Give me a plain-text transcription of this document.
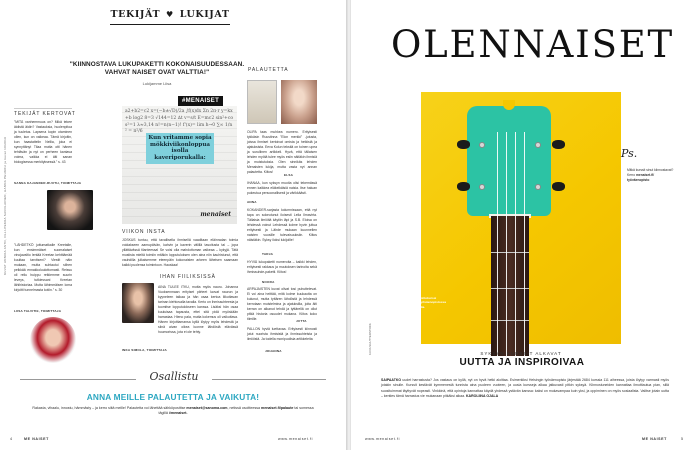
TEKIJÄT ♥ LUKIJAT
"KIINNOSTAVA LUKUPAKETTI KOKONAISUUDESSAAN. VAHVAT NAISET OVAT VALTTIA!"
Lukijamme Liisa
TEKIJÄT KERTOVAT
"MITÄ vanhemmuus on? Mikä tekee äidistä äidin? Vastauksia, huolenpitoa ja tuuletus. Lapsena kopin otaminen ollen, kun on vaikeaa. Tämä kirjoitin, kun haastattelin Nellia, joka ei synnyttänyt Tilaa mutta otti hänen tehtävän ja nyt on perheen kantava voima, vaikka ei äiti sanan biologisessa merkityksessä." s. 43
SANNA KAJANDER-RUUTH, TOIMITTAJA
"LÄHDETKÖ juttumatkalle Kreetalle, kun ensimmäiset suomalaiset vinojavaltio lentää Kreetan kehittämää kuultaa tarvitseni? Viestit näin mukaan, mutta suhtautui siihen pelkkää ennakkoluulottomasti. Reissu oli reilu huippu retkiemme suurin leveys, tutkiessani Kreetan lähihistoriaa. Mutta lähimmäisen loma kirjoitti tunnelmasta kotiin." s. 30
LIISA TALVITIE, TOIMITTAJA
#MENAISET
a2+b2=c2 x=(−b±√D)/2a ∫f(x)dx Σn 2π·r y=kx+b log2 8=3 √144=12 ∆t v=s/t E=mc2 sin²+cos²=1 λ≈3,14 n!=n(n−1)! f'(x)= lim h→0 ∑∞ 1/n² = π²/6
Kun vritamme sopia mökkiviikonloppua isolla kaveriporukalla:
menaiset
VIIKON INSTA
JOSKUS tuntuu, että tavallisella ihmisellä vaaditaan eläinradan toimia voidakseen aamupäivän, kahvin ja kaverin välillä tasoitusta tai – jopa yllättävässä tilanteessa! Se voisi olla mahdottoman vaikeaa – kykyjä. Tätä mustista mieltä toimiin mitäkin lopputuloksen olen aina niin kauhistunut, että vauhdilla julkaisemme eteenpäin kokonaisten arkeen läheisen saamaan kaikki puolensa toimintoon. Hauskaa!
IHAN FIILIKSISSÄ
AINA TULEE ITKU, mutta myös nauru. Johanna Vuoksenmaan erityiset piirteet luovat naurun ja kyyneleen taikaa ja hän osaa kertoa liikuttavan tarinan kiehtovalla tavalla. Kerto on ihmissuhteesta ja tuomitse lopputulokseen kanssa. Lisäksi hän osaa kuuluisaa tapausta, ettei sitä pidä myöskään harrastaa. Hieno pala, mutta kokemus oli vaikuttava. Hänen kirjoittamansa kyllä löytyy myös lehdestä ja siinä aivan oikea luonne lähdöstä elävässä huumorissa, jota ei ole tehty.
INKA SIMOLA, TOIMITTAJA
PALAUTETTA
OLIPA taas muhkea numero. Erityisesti tykkäsin Ruustinna "Elon merkki" -jutusta, joissa ihmiset kertoivat omista ja hetkistä ja ajatuksista. Eeva Kolun tekstiä on toinen upea ja surullinen artikkeli. Hyvä, että tällaisen lehden myötä tulee myös esiin näitäkin ihmisiä ja muistutuksia. Olen sinnikäs lehden Menaisten lukija, mutta vasta nyt annan palautetta. Kiitos!
ELSA
IHANAA, kun syksyn muotia olisi tekemässä ennen kaikkea eläkeikäisiä naisia. Itse haluan pukeutua persoonallisesti ja värikkäästi.
ANNA
KOKANDER-sarjasta kolumnissaan, että nyt tapa on sokeutunut iloisesti Leila Ilmavirta. Tällaisia ilmiöitä käytiin läpi ja S.B. Eloisa on lehdessä voinut Lehdessä kolme hyvin juttua erityisesti ja Lähde mukaan kuunnellen naisten vuosille tulevaisuuksiin. Kiitos näistäkin. Syksy iloksi lukijoille!
TARJA
HYVIÄ lukupaketti numeroita – kaikki lehden, erityisesti rakkaus ja muutoksen tarinoita sekä ihmissuhde-paketti. Kiitos!
NOORA
ARPAJAISTEN kuvat olivat tosi puhuttelevat. Ei voi aina heittää, mitä kolme kuukautta on kulunut, mutta tyttären lähdöstä ja lehdessä kerrotaan muistelmina ja ajatuksilla, joita äiti kerran on alkanut tehdä ja tyttärellä on ollut pitkä historia osuudet mukana. Kiitos koko tiimille.	JUTTA
PALLON hyviä luettavaa. Erityisesti kiinnosti jutut nuorista ihmisistä ja ihmissuhteista ja ilmiöistä. Ja todella monipuolisia artikkeleita
JOHANNA
KUVAT ANNIKA ASTO, OLLI-PEKKA SAVOLAINEN, HANNA PEUKKU ja kuvat 10/2019
Osallistu
ANNA MEILLE PALAUTETTA JA VAIKUTA!
Rakasta, vihaalu, innostu, hämmästy – ja kerro siitä meille! Palautetta voi lähettää sähköpostitse menaiset@sanoma.com, netissä osoitteessa menaiset.fi/palaute tai somessa tägillä #menaiset.
4	ME NAISET	www.menaiset.fi
OLENNAISET
Ps.
Mitkä kurssit sinut kiinnostavat? Kerro menaiset.fi/ työväenopisto
Ukulelen soittokurssi Helsingin työväenopistossa 12 oppituntia.
KUVA SHUTTERSTOCK	SYKSYN KURSSIT ALKAVAT
UUTTA JA INSPIROIVAA
SAIPAATKO uudet harrastusta? Jos vastaus on kyllä, nyt on hyvä hetki aloittaa. Esimerkiksi Helsingin työväenopisto järjestää 2684 kurssia 111 aiheessa, joista löytyy varmasti myös jotakin sinulle. Kurssit kestävät kymmenestä tunnista aina puoleen vuoteen, ja uusia kursseja alkaa jatkuvasti pitkin syksyä. Kiinnostuneiden kannattaa ilmoittautua pian, sillä suosituimmat täyttyvät nopeasti. Vinkkinä, että opintoja kannattaa käydä yhdessä ystävän kanssa: kaksi on mukavampaa kuin yksi, ja oppiminen on myös sosiaalista. Valitse jotain uutta – kenties tämä harrastus vie mukanaan pitkäksi aikaa. KAROLIINA OJALA
www.menaiset.fi	ME NAISET	5
